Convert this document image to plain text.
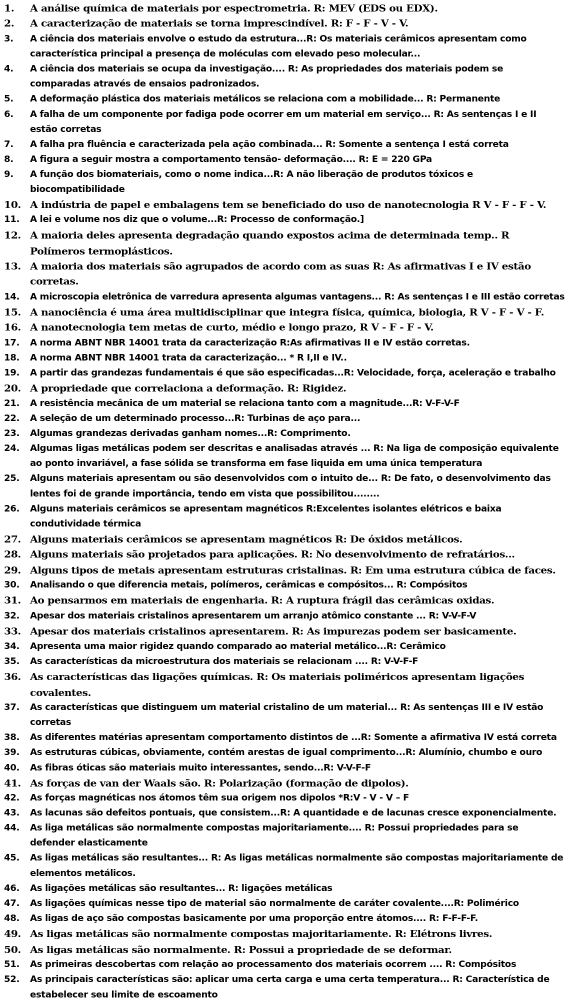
1.	A análise química de materiais por espectrometria. R: MEV (EDS ou EDX).
2.	A caracterização de materiais se torna imprescindível. R: F - F - V - V.
3.	A ciência dos materiais envolve o estudo da estrutura...R: Os materiais cerâmicos apresentam como característica principal a presença de moléculas com elevado peso molecular...
4.	A ciência dos materiais se ocupa da investigação.... R: As propriedades dos materiais podem se comparadas através de ensaios padronizados.
5.	A deformação plástica dos materiais metálicos se relaciona com a mobilidade... R: Permanente
6.	A falha de um componente por fadiga pode ocorrer em um material em serviço... R: As sentenças I e II estão corretas
7.	A falha pra fluência e caracterizada pela ação combinada... R: Somente a sentença I está correta
8.	A figura a seguir mostra a comportamento tensão- deformação.... R: E = 220 GPa
9.	A função dos biomateriais, como o nome indica...R: A não liberação de produtos tóxicos e biocompatibilidade
10. A indústria de papel e embalagens tem se beneficiado do uso de nanotecnologia R V - F - F - V.
11.	A lei e volume nos diz que o volume...R: Processo de conformação.]
12. A maioria deles apresenta degradação quando expostos acima de determinada temp.. R Polímeros termoplásticos.
13. A maioria dos materiais são agrupados de acordo com as suas R: As afirmativas I e IV estão corretas.
14.	A microscopia eletrônica de varredura apresenta algumas vantagens... R: As sentenças I e III estão corretas
15. A nanociência é uma área multidisciplinar que integra física, química, biologia, R V - F - V - F.
16. A nanotecnologia tem metas de curto, médio e longo prazo, R V - F - F - V.
17.	A norma ABNT NBR 14001 trata da caracterização R:As afirmativas II e IV estão corretas.
18.	A norma ABNT NBR 14001 trata da caracterização... * R I,II e IV..
19.	A partir das grandezas fundamentais é que são especificadas...R: Velocidade, força, aceleração e trabalho
20. A propriedade que correlaciona a deformação. R: Rigidez.
21.	A resistência mecânica de um material se relaciona tanto com a magnitude...R: V-F-V-F
22.	A seleção de um determinado processo...R: Turbinas de aço para...
23.	Algumas grandezas derivadas ganham nomes...R: Comprimento.
24.	Algumas ligas metálicas podem ser descritas e analisadas através ... R: Na liga de composição equivalente ao ponto invariável, a fase sólida se transforma em fase liquida em uma única temperatura
25.	Alguns materiais apresentam ou são desenvolvidos com o intuito de... R: De fato, o desenvolvimento das lentes foi de grande importância, tendo em vista que possibilitou........
26.	Alguns materiais cerâmicos se apresentam magnéticos R:Excelentes isolantes elétricos e baixa condutividade térmica
27. Alguns materiais cerâmicos se apresentam magnéticos R: De óxidos metálicos.
28. Alguns materiais são projetados para aplicações. R: No desenvolvimento de refratários...
29. Alguns tipos de metais apresentam estruturas cristalinas. R: Em uma estrutura cúbica de faces.
30.	Analisando o que diferencia metais, polímeros, cerâmicas e compósitos... R: Compósitos
31. Ao pensarmos em materiais de engenharia. R: A ruptura frágil das cerâmicas oxidas.
32.	Apesar dos materiais cristalinos apresentarem um arranjo atômico constante ... R: V-V-F-V
33. Apesar dos materiais cristalinos apresentarem. R: As impurezas podem ser basicamente.
34.	Apresenta uma maior rigidez quando comparado ao material metálico...R: Cerâmico
35.	As características da microestrutura dos materiais se relacionam .... R: V-V-F-F
36. As características das ligações químicas. R: Os materiais poliméricos apresentam ligações covalentes.
37.	As características que distinguem um material cristalino de um material... R: As sentenças III e IV estão corretas
38.	As diferentes matérias apresentam comportamento distintos de ...R: Somente a afirmativa IV está correta
39.	As estruturas cúbicas, obviamente, contém arestas de igual comprimento...R: Alumínio, chumbo e ouro
40.	As fibras óticas são materiais muito interessantes, sendo...R: V-V-F-F
41. As forças de van der Waals são. R: Polarização (formação de dipolos).
42.	As forças magnéticas nos átomos têm sua origem nos dipolos *R:V - V - V – F
43.	As lacunas são defeitos pontuais, que consistem...R: A quantidade e de lacunas cresce exponencialmente.
44.	As liga metálicas são normalmente compostas majoritariamente.... R: Possui propriedades para se defender elasticamente
45.	As ligas metálicas são resultantes... R: As ligas metálicas normalmente são compostas majoritariamente de elementos metálicos.
46.	As ligações metálicas são resultantes... R: ligações metálicas
47.	As ligações químicas nesse tipo de material são normalmente de caráter covalente....R: Polimérico
48.	As ligas de aço são compostas basicamente por uma proporção entre átomos.... R: F-F-F-F.
49. As ligas metálicas são normalmente compostas majoritariamente. R: Elétrons livres.
50. As ligas metálicas são normalmente. R: Possui a propriedade de se deformar.
51.	As primeiras descobertas com relação ao processamento dos materiais ocorrem .... R: Compósitos
52.	As principais características são: aplicar uma certa carga e uma certa temperatura... R: Característica de estabelecer seu limite de escoamento
